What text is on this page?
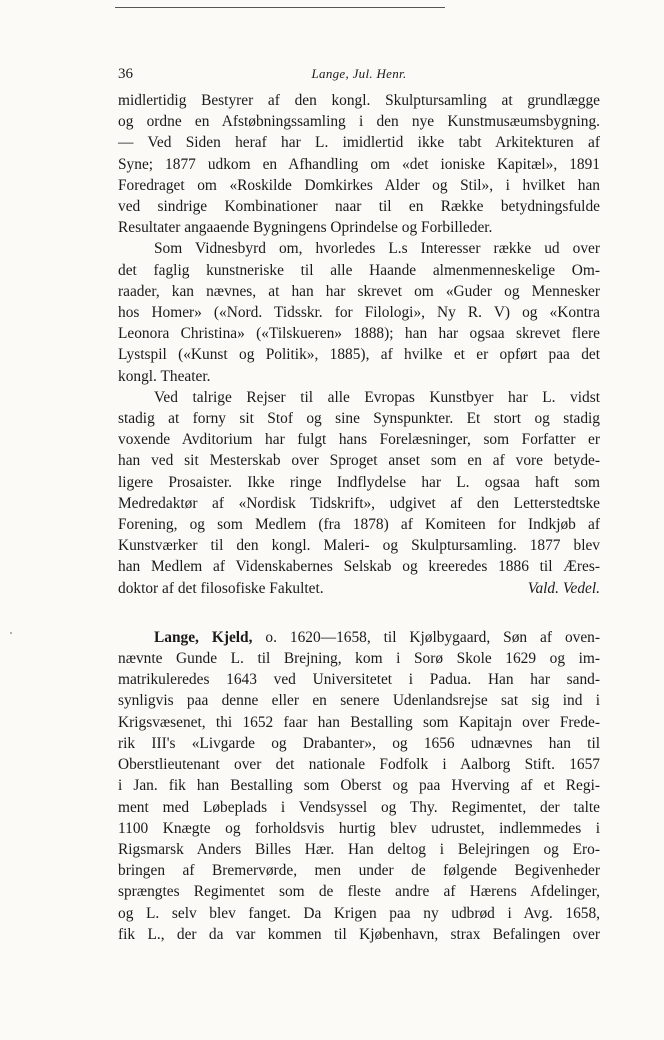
36	Lange, Jul. Henr.
midlertidig Bestyrer af den kongl. Skulptursamling at grundlægge
og ordne en Afstøbningssamling i den nye Kunstmusæumsbygning.
— Ved Siden heraf har L. imidlertid ikke tabt Arkitekturen af
Syne; 1877 udkom en Afhandling om «det ioniske Kapitæl», 1891
Foredraget om «Roskilde Domkirkes Alder og Stil», i hvilket han
ved sindrige Kombinationer naar til en Række betydningsfulde
Resultater angaaende Bygningens Oprindelse og Forbilleder.
Som Vidnesbyrd om, hvorledes L.s Interesser række ud over
det faglig kunstneriske til alle Haande almenmenneskelige Om-
raader, kan nævnes, at han har skrevet om «Guder og Mennesker
hos Homer» («Nord. Tidsskr. for Filologi», Ny R. V) og «Kontra
Leonora Christina» («Tilskueren» 1888); han har ogsaa skrevet flere
Lystspil («Kunst og Politik», 1885), af hvilke et er opført paa det
kongl. Theater.
Ved talrige Rejser til alle Evropas Kunstbyer har L. vidst
stadig at forny sit Stof og sine Synspunkter. Et stort og stadig
voxende Avditorium har fulgt hans Forelæsninger, som Forfatter er
han ved sit Mesterskab over Sproget anset som en af vore betyde-
ligere Prosaister. Ikke ringe Indflydelse har L. ogsaa haft som
Medredaktør af «Nordisk Tidskrift», udgivet af den Letterstedtske
Forening, og som Medlem (fra 1878) af Komiteen for Indkjøb af
Kunstværker til den kongl. Maleri- og Skulptursamling. 1877 blev
han Medlem af Videnskabernes Selskab og kreeredes 1886 til Æres-
doktor af det filosofiske Fakultet.	Vald. Vedel.
Lange, Kjeld, o. 1620—1658, til Kjølbygaard, Søn af oven-
nævnte Gunde L. til Brejning, kom i Sorø Skole 1629 og im-
matrikuleredes 1643 ved Universitetet i Padua. Han har sand-
synligvis paa denne eller en senere Udenlandsrejse sat sig ind i
Krigsvæsenet, thi 1652 faar han Bestalling som Kapitajn over Frede-
rik III's «Livgarde og Drabanter», og 1656 udnævnes han til
Oberstlieutenant over det nationale Fodfolk i Aalborg Stift. 1657
i Jan. fik han Bestalling som Oberst og paa Hverving af et Regi-
ment med Løbeplads i Vendsyssel og Thy. Regimentet, der talte
1100 Knægte og forholdsvis hurtig blev udrustet, indlemmedes i
Rigsmarsk Anders Billes Hær. Han deltog i Belejringen og Ero-
bringen af Bremervørde, men under de følgende Begivenheder
sprængtes Regimentet som de fleste andre af Hærens Afdelinger,
og L. selv blev fanget. Da Krigen paa ny udbrød i Avg. 1658,
fik L., der da var kommen til Kjøbenhavn, strax Befalingen over
